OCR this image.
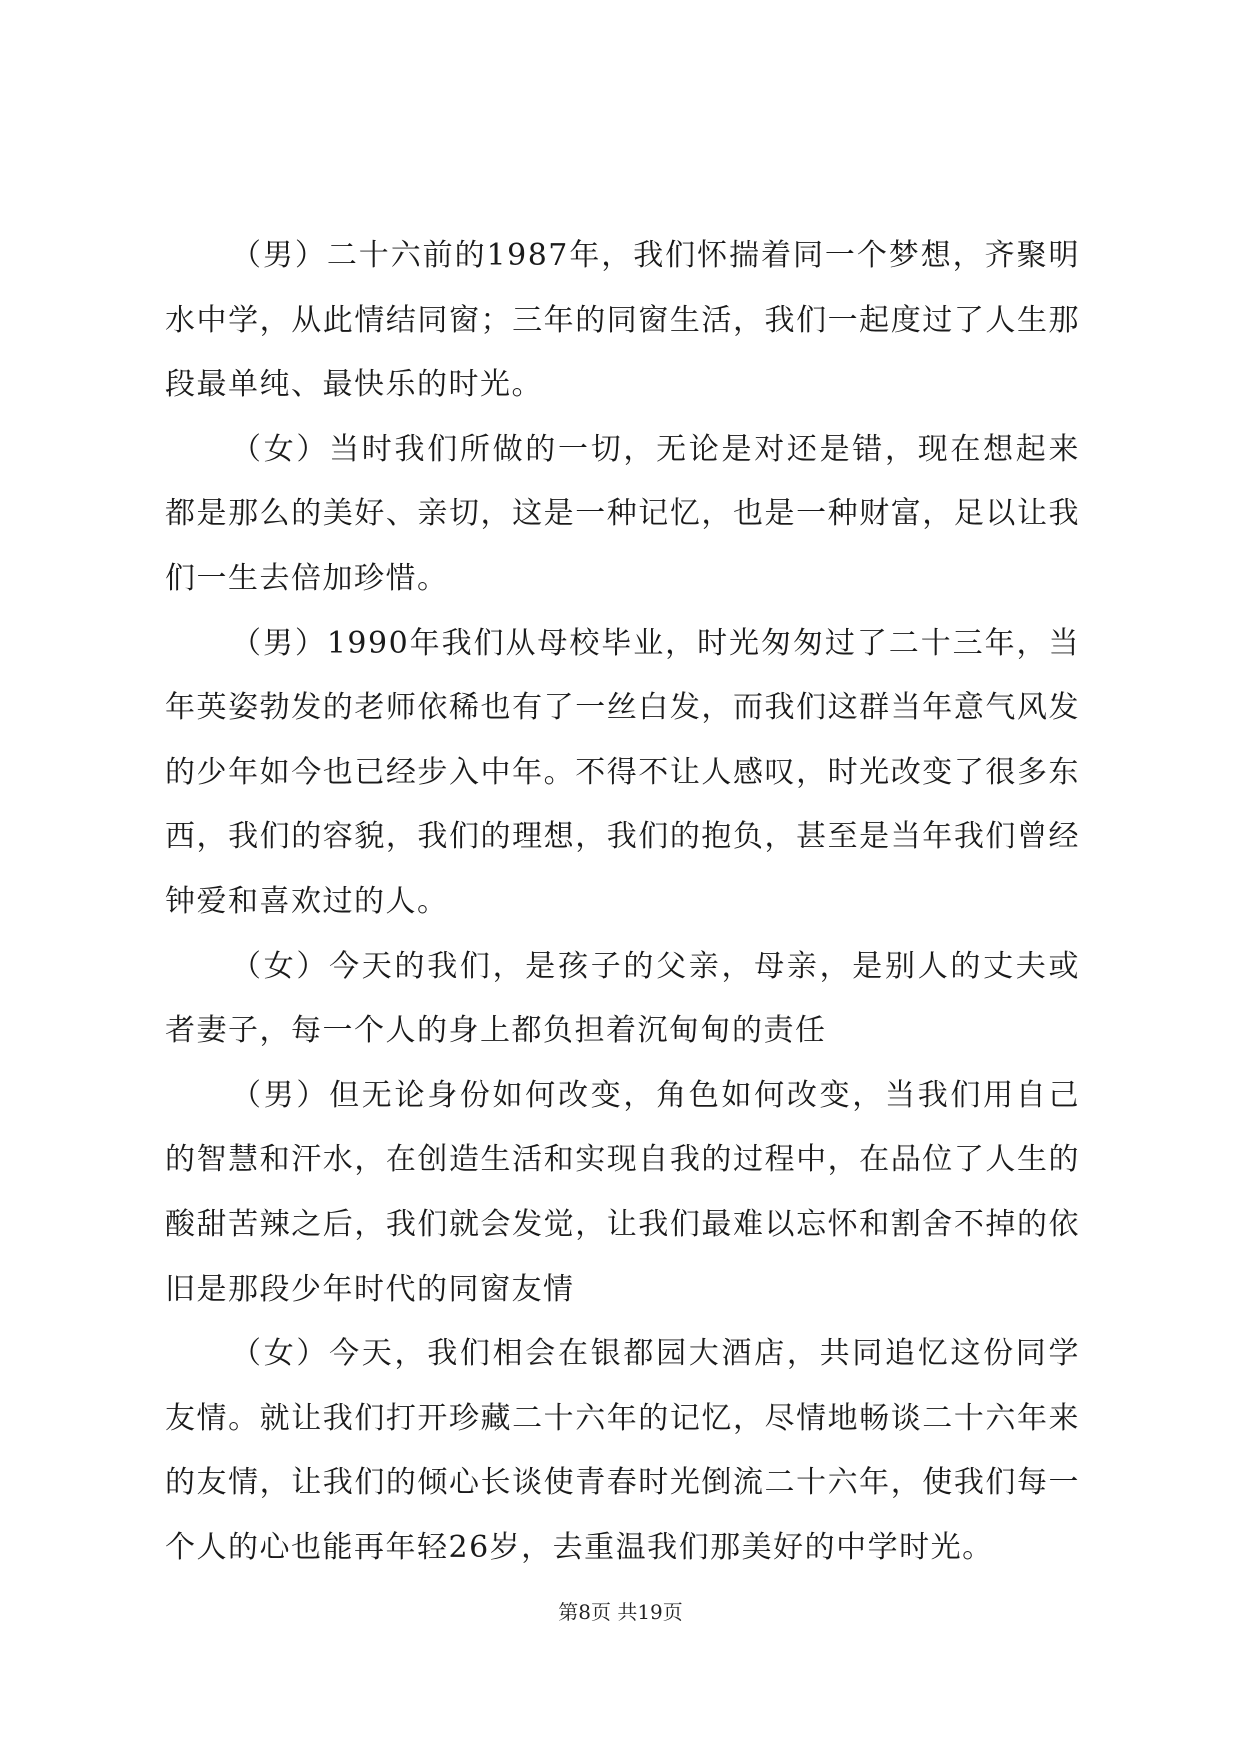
（男）二十六前的1987年，我们怀揣着同一个梦想，齐聚明水中学，从此情结同窗；三年的同窗生活，我们一起度过了人生那段最单纯、最快乐的时光。

（女）当时我们所做的一切，无论是对还是错，现在想起来都是那么的美好、亲切，这是一种记忆，也是一种财富，足以让我们一生去倍加珍惜。

（男）1990年我们从母校毕业，时光匆匆过了二十三年，当年英姿勃发的老师依稀也有了一丝白发，而我们这群当年意气风发的少年如今也已经步入中年。不得不让人感叹，时光改变了很多东西，我们的容貌，我们的理想，我们的抱负，甚至是当年我们曾经钟爱和喜欢过的人。

（女）今天的我们，是孩子的父亲，母亲，是别人的丈夫或者妻子，每一个人的身上都负担着沉甸甸的责任

（男）但无论身份如何改变，角色如何改变，当我们用自己的智慧和汗水，在创造生活和实现自我的过程中，在品位了人生的酸甜苦辣之后，我们就会发觉，让我们最难以忘怀和割舍不掉的依旧是那段少年时代的同窗友情

（女）今天，我们相会在银都园大酒店，共同追忆这份同学友情。就让我们打开珍藏二十六年的记忆，尽情地畅谈二十六年来的友情，让我们的倾心长谈使青春时光倒流二十六年，使我们每一个人的心也能再年轻26岁，去重温我们那美好的中学时光。

第8页 共19页
